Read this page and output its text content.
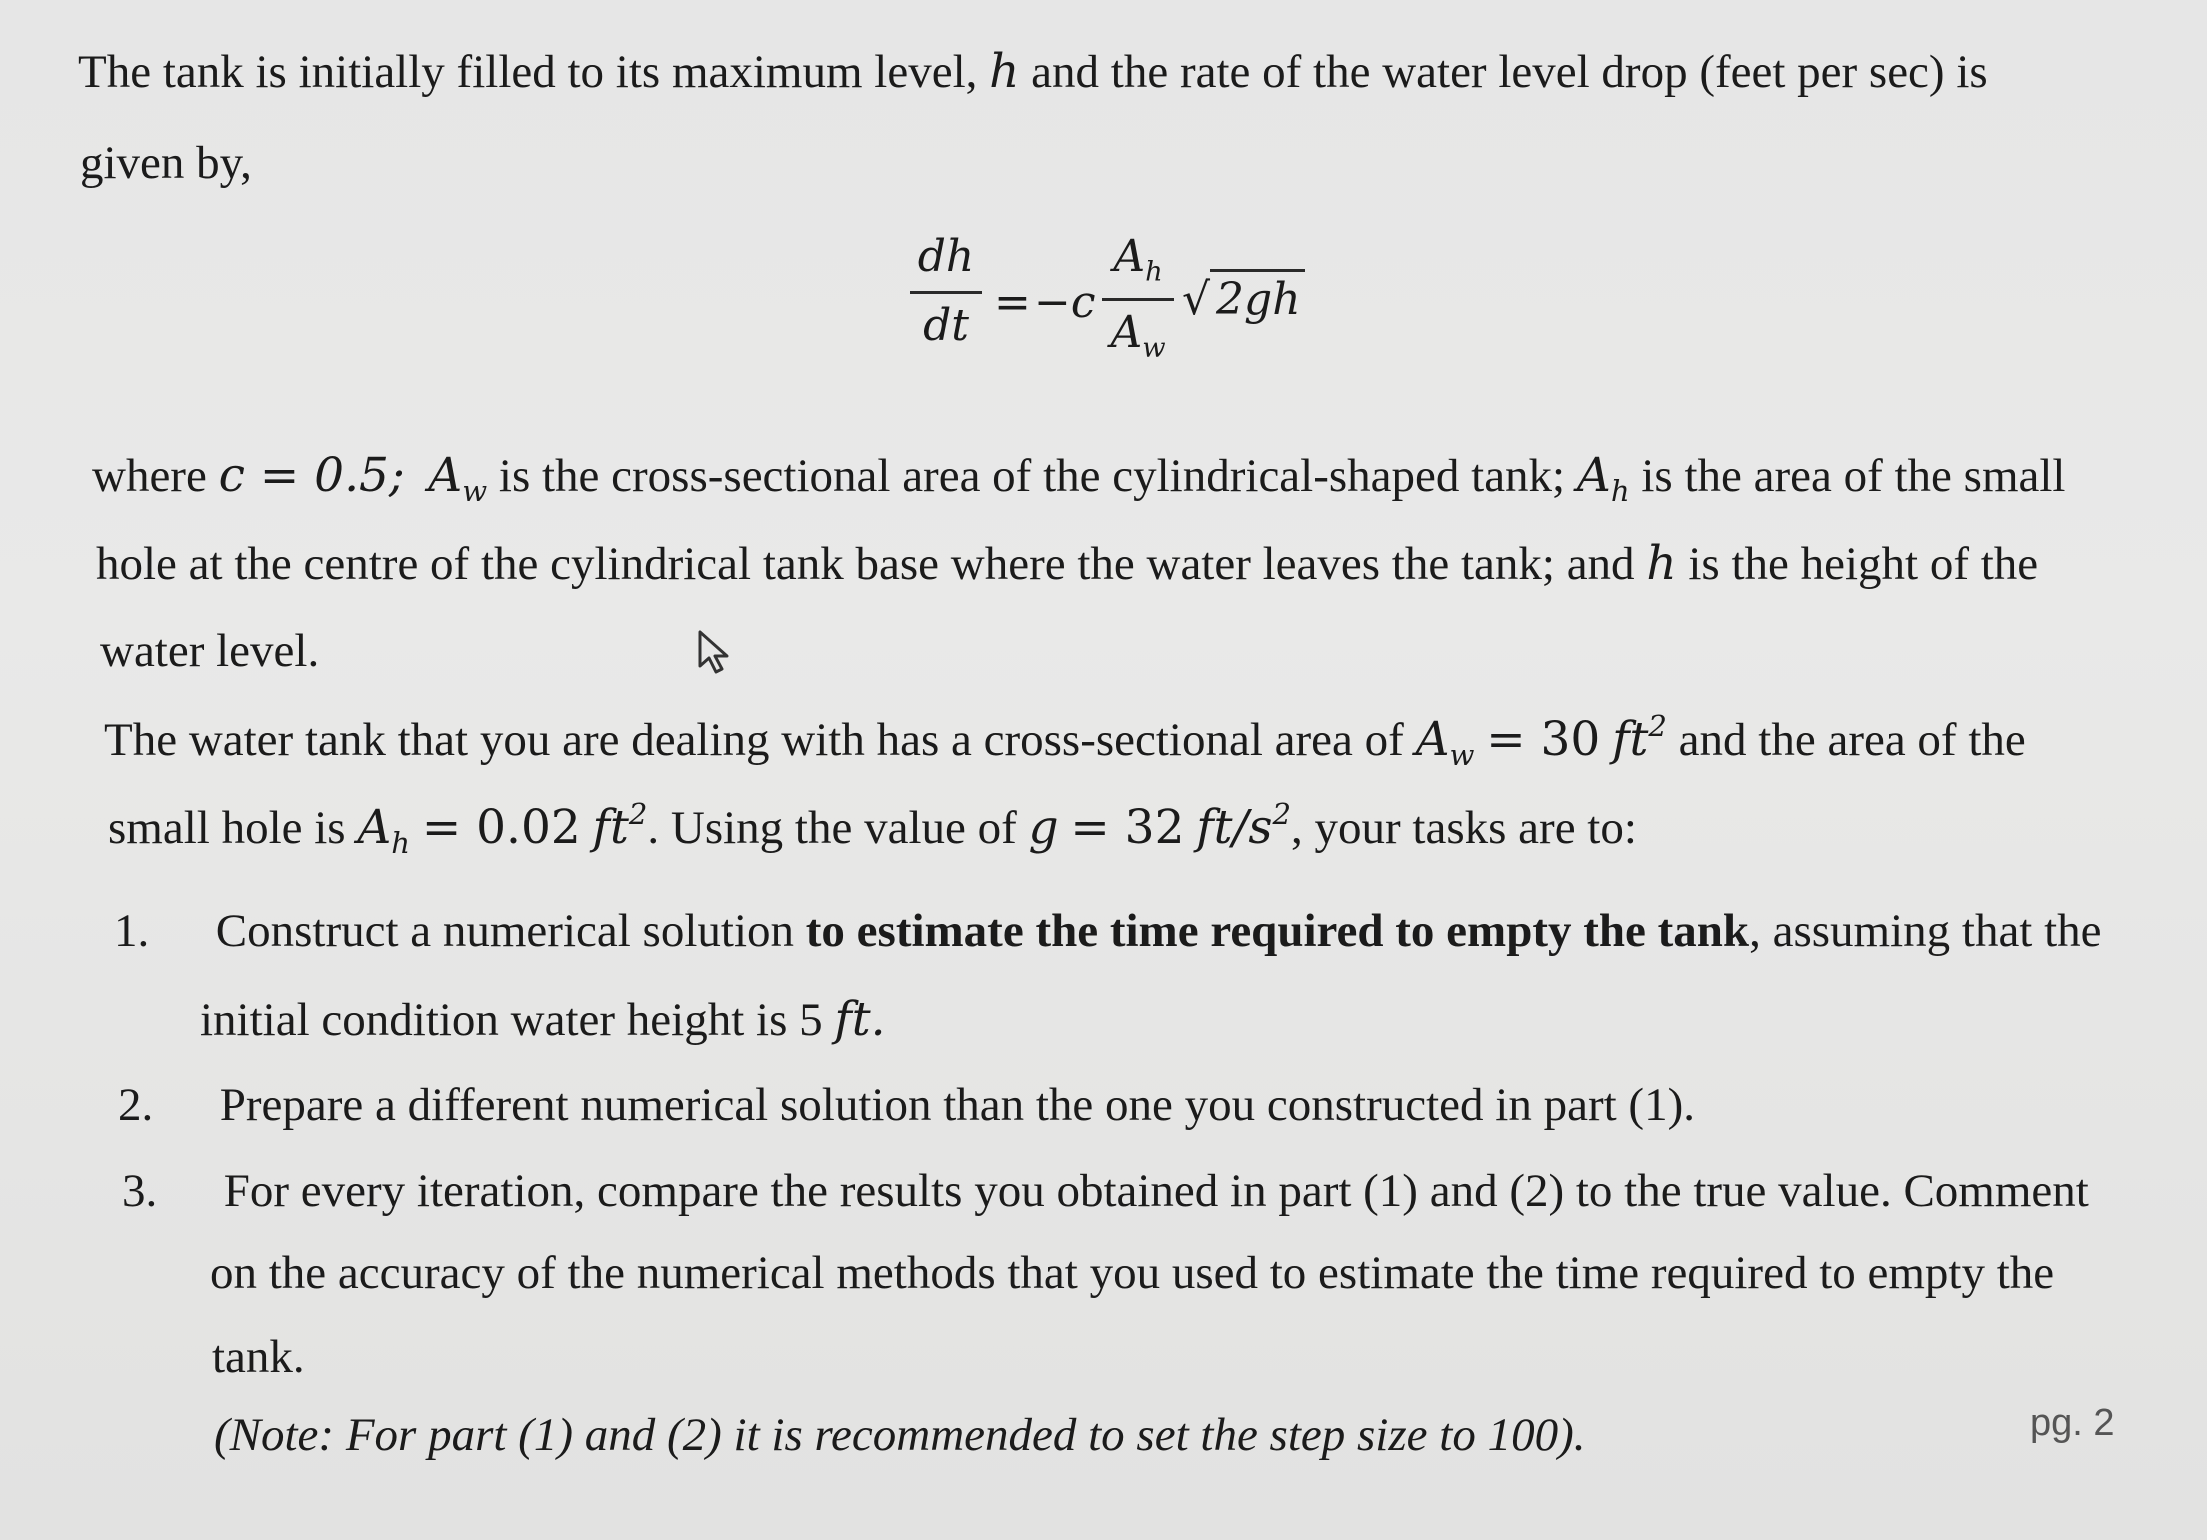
The tank is initially filled to its maximum level, h and the rate of the water level drop (feet per sec) is
given by,
dh
dt = −c
$A_h$
$A_w$
√ 2gh
where c = 0.5; $A_w$ is the cross-sectional area of the cylindrical-shaped tank; $A_h$ is the area of the small
hole at the centre of the cylindrical tank base where the water leaves the tank; and h is the height of the
water level.
The water tank that you are dealing with has a cross-sectional area of $A_w = 30$ $ft^2$ and the area of the
small hole is $A_h = 0.02$ $ft^2$. Using the value of g = 32 $ft/s^2$, your tasks are to:
1. Construct a numerical solution to estimate the time required to empty the tank, assuming that the
initial condition water height is 5 ft.
2. Prepare a different numerical solution than the one you constructed in part (1).
3. For every iteration, compare the results you obtained in part (1) and (2) to the true value. Comment
on the accuracy of the numerical methods that you used to estimate the time required to empty the
tank.
(Note: For part (1) and (2) it is recommended to set the step size to 100).	pg. 2
